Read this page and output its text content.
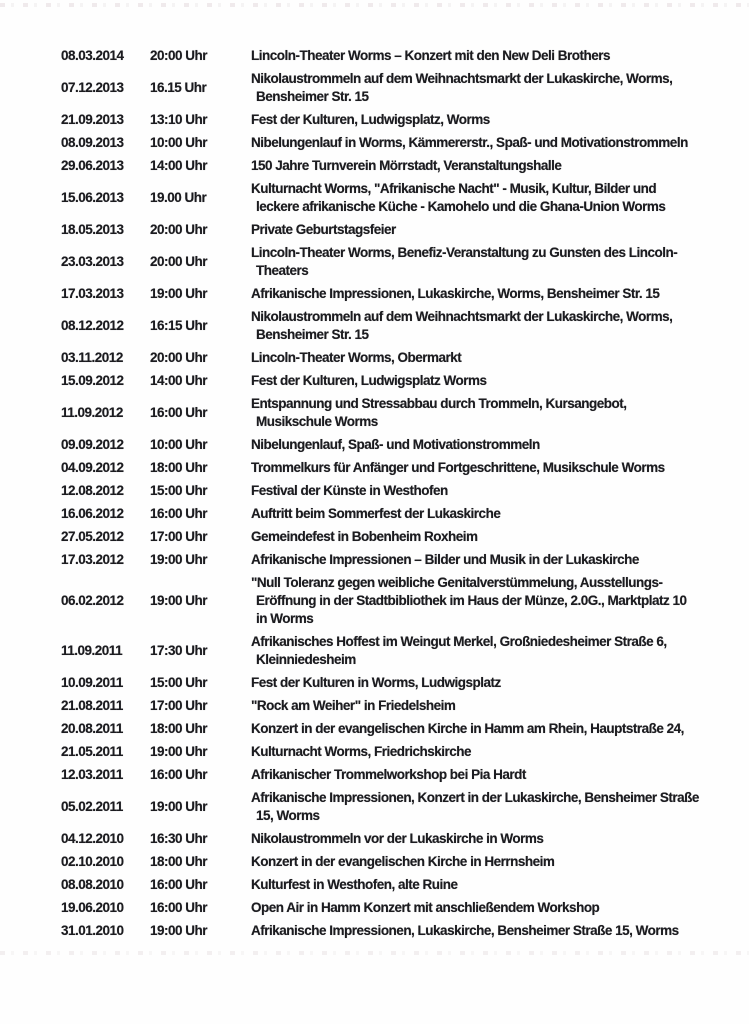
08.03.2014	20:00 Uhr	Lincoln-Theater Worms – Konzert mit den New Deli Brothers
07.12.2013	16.15 Uhr
Nikolaustrommeln auf dem Weihnachtsmarkt der Lukaskirche, Worms,
Bensheimer Str. 15
21.09.2013	13:10 Uhr	Fest der Kulturen, Ludwigsplatz, Worms
08.09.2013	10:00 Uhr	Nibelungenlauf in Worms, Kämmererstr., Spaß- und Motivationstrommeln
29.06.2013	14:00 Uhr	150 Jahre Turnverein Mörrstadt, Veranstaltungshalle
15.06.2013	19.00 Uhr
Kulturnacht Worms, "Afrikanische Nacht" - Musik, Kultur, Bilder und
leckere afrikanische Küche - Kamohelo und die Ghana-Union Worms
18.05.2013	20:00 Uhr	Private Geburtstagsfeier
23.03.2013	20:00 Uhr
Lincoln-Theater Worms, Benefiz-Veranstaltung zu Gunsten des Lincoln-
Theaters
17.03.2013	19:00 Uhr	Afrikanische Impressionen, Lukaskirche, Worms, Bensheimer Str. 15
08.12.2012	16:15 Uhr
Nikolaustrommeln auf dem Weihnachtsmarkt der Lukaskirche, Worms,
Bensheimer Str. 15
03.11.2012	20:00 Uhr	Lincoln-Theater Worms, Obermarkt
15.09.2012	14:00 Uhr	Fest der Kulturen, Ludwigsplatz Worms
11.09.2012	16:00 Uhr
Entspannung und Stressabbau durch Trommeln, Kursangebot,
Musikschule Worms
09.09.2012	10:00 Uhr	Nibelungenlauf, Spaß- und Motivationstrommeln
04.09.2012	18:00 Uhr	Trommelkurs für Anfänger und Fortgeschrittene, Musikschule Worms
12.08.2012	15:00 Uhr	Festival der Künste in Westhofen
16.06.2012	16:00 Uhr	Auftritt beim Sommerfest der Lukaskirche
27.05.2012	17:00 Uhr	Gemeindefest in Bobenheim Roxheim
17.03.2012	19:00 Uhr	Afrikanische Impressionen – Bilder und Musik in der Lukaskirche
06.02.2012	19:00 Uhr
"Null Toleranz gegen weibliche Genitalverstümmelung, Ausstellungs-
Eröffnung in der Stadtbibliothek im Haus der Münze, 2.0G., Marktplatz 10
in Worms
11.09.2011	17:30 Uhr
Afrikanisches Hoffest im Weingut Merkel, Großniedesheimer Straße 6,
Kleinniedesheim
10.09.2011	15:00 Uhr	Fest der Kulturen in Worms, Ludwigsplatz
21.08.2011	17:00 Uhr	"Rock am Weiher" in Friedelsheim
20.08.2011	18:00 Uhr	Konzert in der evangelischen Kirche in Hamm am Rhein, Hauptstraße 24,
21.05.2011	19:00 Uhr	Kulturnacht Worms, Friedrichskirche
12.03.2011	16:00 Uhr	Afrikanischer Trommelworkshop bei Pia Hardt
05.02.2011	19:00 Uhr
Afrikanische Impressionen, Konzert in der Lukaskirche, Bensheimer Straße
15, Worms
04.12.2010	16:30 Uhr	Nikolaustrommeln vor der Lukaskirche in Worms
02.10.2010	18:00 Uhr	Konzert in der evangelischen Kirche in Herrnsheim
08.08.2010	16:00 Uhr	Kulturfest in Westhofen, alte Ruine
19.06.2010	16:00 Uhr	Open Air in Hamm Konzert mit anschließendem Workshop
31.01.2010	19:00 Uhr	Afrikanische Impressionen, Lukaskirche, Bensheimer Straße 15, Worms
